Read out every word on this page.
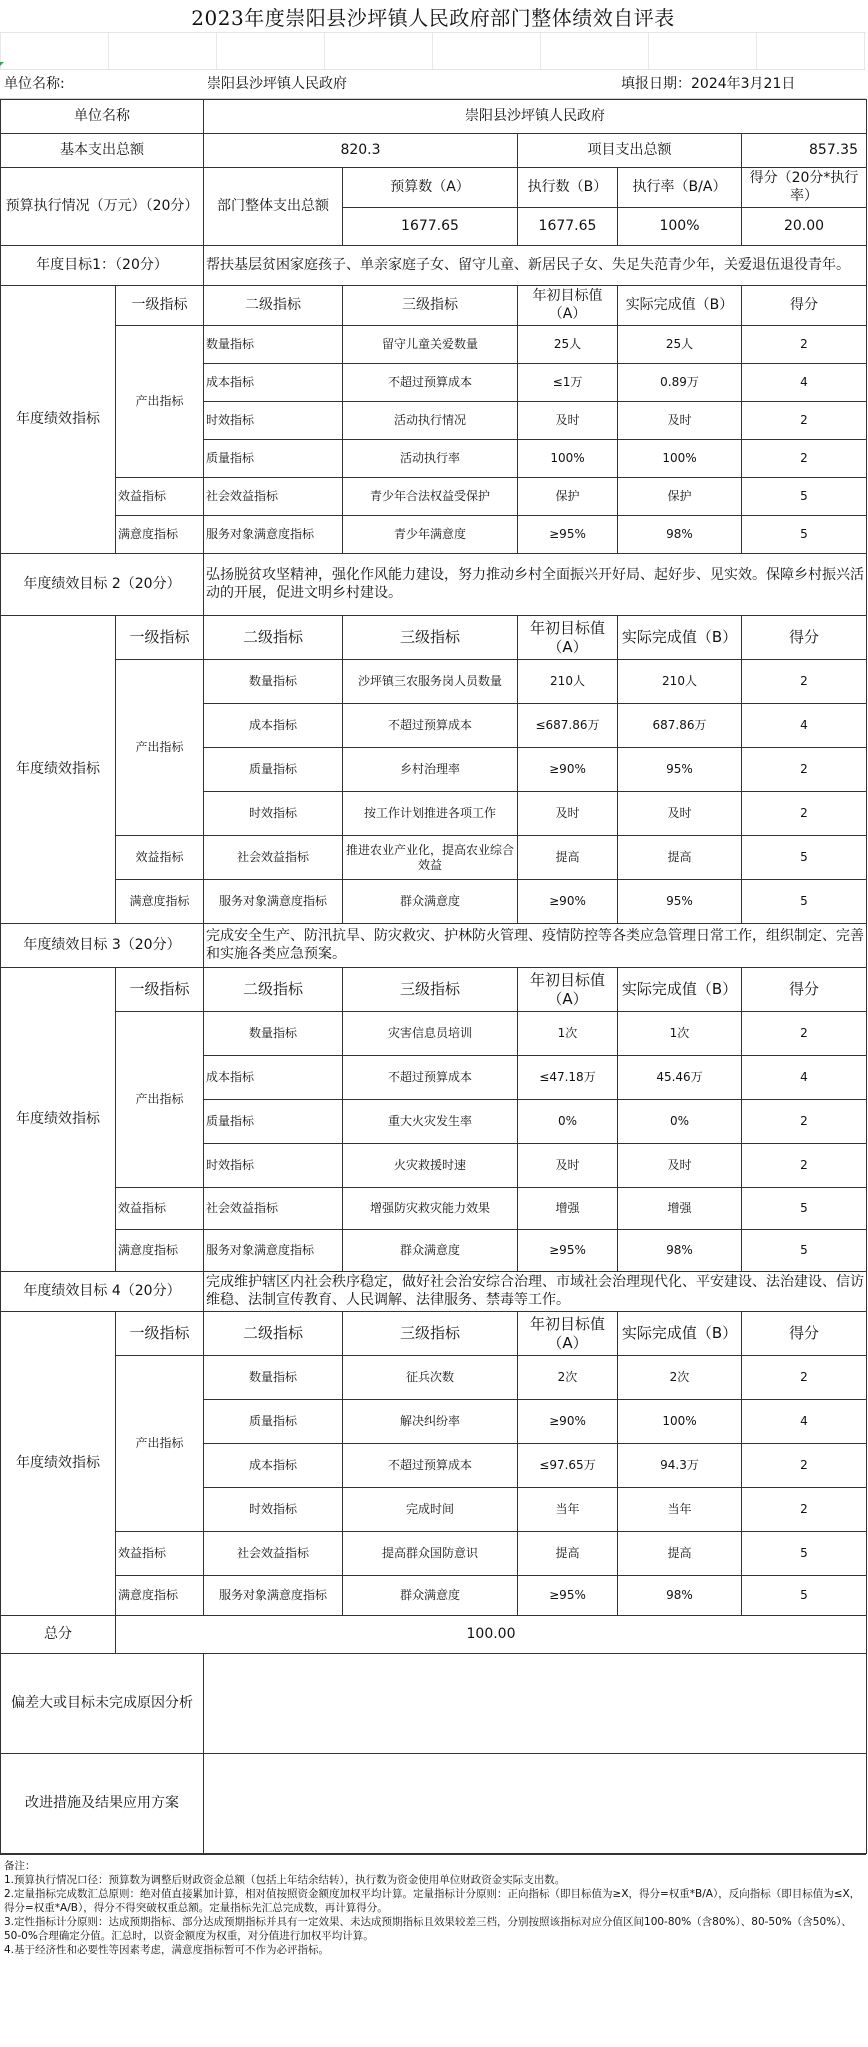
2023年度崇阳县沙坪镇人民政府部门整体绩效自评表
单位名称:	崇阳县沙坪镇人民政府	填报日期：2024年3月21日
单位名称		崇阳县沙坪镇人民政府				
基本支出总额		820.3		项目支出总额		857.35
预算执行情况（万元）（20分）		部门整体支出总额	预算数（A）	执行数（B）	执行率（B/A）	得分（20分*执行率）
			1677.65	1677.65	100%	20.00
年度目标1：（20分）		帮扶基层贫困家庭孩子、单亲家庭子女、留守儿童、新居民子女、失足失范青少年，关爱退伍退役青年。				
年度绩效指标	一级指标	二级指标	三级指标	年初目标值（A）	实际完成值（B）	得分
	产出指标	数量指标	留守儿童关爱数量	25人	25人	2
		成本指标	不超过预算成本	≤1万	0.89万	4
		时效指标	活动执行情况	及时	及时	2
		质量指标	活动执行率	100%	100%	2
	效益指标	社会效益指标	青少年合法权益受保护	保护	保护	5
	满意度指标	服务对象满意度指标	青少年满意度	≥95%	98%	5
年度绩效目标 2（20分）		弘扬脱贫攻坚精神，强化作风能力建设，努力推动乡村全面振兴开好局、起好步、见实效。保障乡村振兴活动的开展，促进文明乡村建设。				
年度绩效指标	一级指标	二级指标	三级指标	年初目标值（A）	实际完成值（B）	得分
	产出指标	数量指标	沙坪镇三农服务岗人员数量	210人	210人	2
		成本指标	不超过预算成本	≤687.86万	687.86万	4
		质量指标	乡村治理率	≥90%	95%	2
		时效指标	按工作计划推进各项工作	及时	及时	2
	效益指标	社会效益指标	推进农业产业化，提高农业综合效益	提高	提高	5
	满意度指标	服务对象满意度指标	群众满意度	≥90%	95%	5
年度绩效目标 3（20分）		完成安全生产、防汛抗旱、防灾救灾、护林防火管理、疫情防控等各类应急管理日常工作，组织制定、完善和实施各类应急预案。				
年度绩效指标	一级指标	二级指标	三级指标	年初目标值（A）	实际完成值（B）	得分
	产出指标	数量指标	灾害信息员培训	1次	1次	2
		成本指标	不超过预算成本	≤47.18万	45.46万	4
		质量指标	重大火灾发生率	0%	0%	2
		时效指标	火灾救援时速	及时	及时	2
	效益指标	社会效益指标	增强防灾救灾能力效果	增强	增强	5
	满意度指标	服务对象满意度指标	群众满意度	≥95%	98%	5
年度绩效目标 4（20分）		完成维护辖区内社会秩序稳定，做好社会治安综合治理、市域社会治理现代化、平安建设、法治建设、信访维稳、法制宣传教育、人民调解、法律服务、禁毒等工作。				
年度绩效指标	一级指标	二级指标	三级指标	年初目标值（A）	实际完成值（B）	得分
	产出指标	数量指标	征兵次数	2次	2次	2
		质量指标	解决纠纷率	≥90%	100%	4
		成本指标	不超过预算成本	≤97.65万	94.3万	2
		时效指标	完成时间	当年	当年	2
	效益指标	社会效益指标	提高群众国防意识	提高	提高	5
	满意度指标	服务对象满意度指标	群众满意度	≥95%	98%	5
总分	100.00					
偏差大或目标未完成原因分析						
改进措施及结果应用方案						
备注：
1.预算执行情况口径：预算数为调整后财政资金总额（包括上年结余结转），执行数为资金使用单位财政资金实际支出数。
2.定量指标完成数汇总原则：绝对值直接累加计算，相对值按照资金额度加权平均计算。定量指标计分原则：正向指标（即目标值为≥X，得分=权重*B/A），反向指标（即目标值为≤X，得分=权重*A/B），得分不得突破权重总额。定量指标先汇总完成数，再计算得分。
3.定性指标计分原则：达成预期指标、部分达成预期指标并具有一定效果、未达成预期指标且效果较差三档，分别按照该指标对应分值区间100-80%（含80%）、80-50%（含50%）、50-0%合理确定分值。汇总时，以资金额度为权重，对分值进行加权平均计算。
4.基于经济性和必要性等因素考虑，满意度指标暂可不作为必评指标。
